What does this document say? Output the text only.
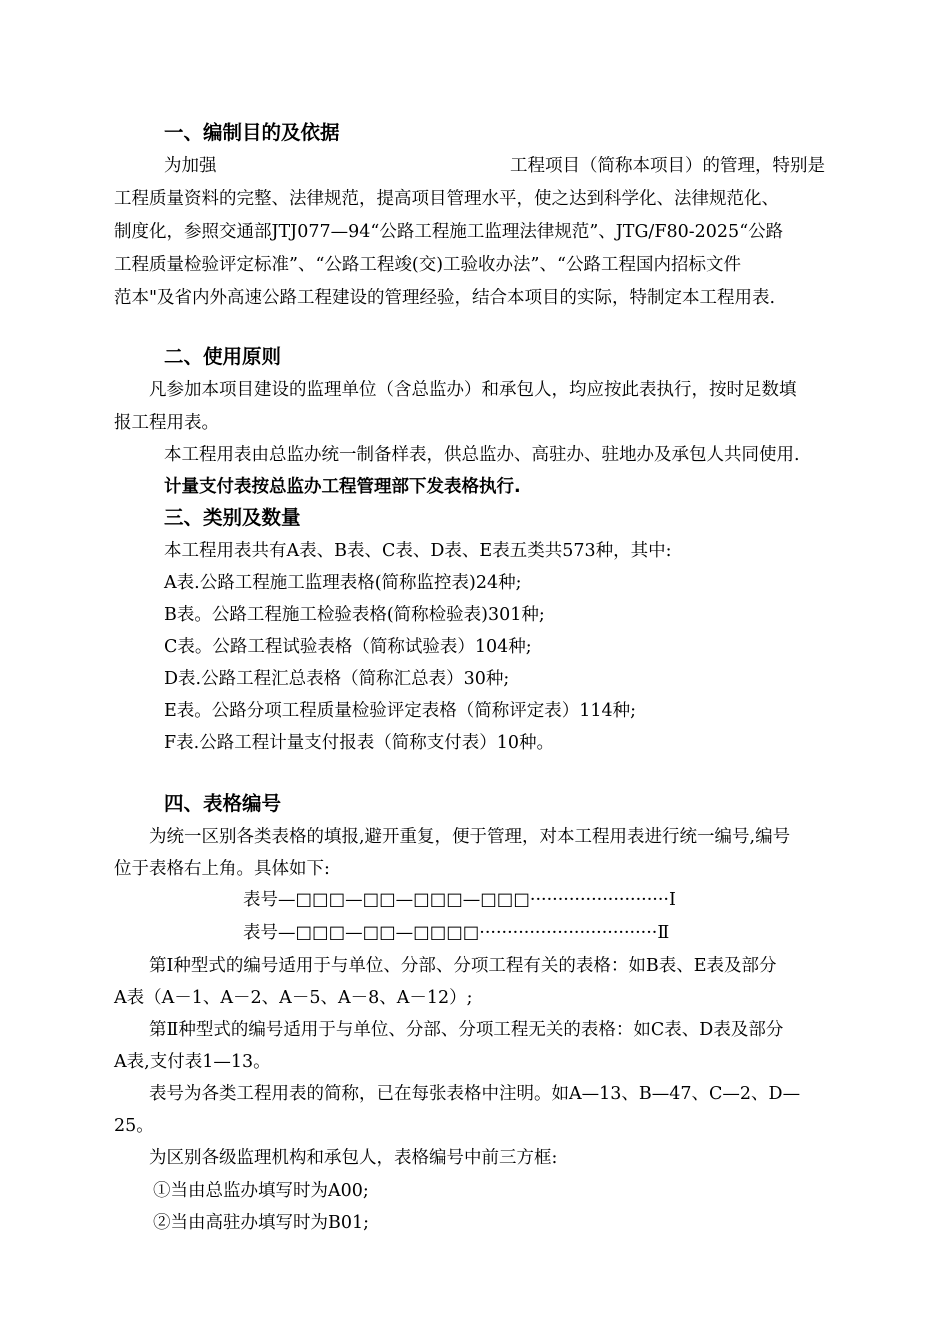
一、编制目的及依据
为加强	工程项目（简称本项目）的管理，特别是
工程质量资料的完整、法律规范，提高项目管理水平，使之达到科学化、法律规范化、
制度化，参照交通部JTJ077—94“公路工程施工监理法律规范”、JTG/F80-2025“公路
工程质量检验评定标准”、“公路工程竣(交)工验收办法”、“公路工程国内招标文件
范本"及省内外高速公路工程建设的管理经验，结合本项目的实际，特制定本工程用表.
二、使用原则
凡参加本项目建设的监理单位（含总监办）和承包人，均应按此表执行，按时足数填
报工程用表。
本工程用表由总监办统一制备样表，供总监办、高驻办、驻地办及承包人共同使用.
计量支付表按总监办工程管理部下发表格执行.
三、类别及数量
本工程用表共有A表、B表、C表、D表、E表五类共573种，其中:
A表.公路工程施工监理表格(简称监控表)24种;
B表。公路工程施工检验表格(简称检验表)301种;
C表。公路工程试验表格（简称试验表）104种;
D表.公路工程汇总表格（简称汇总表）30种;
E表。公路分项工程质量检验评定表格（简称评定表）114种;
F表.公路工程计量支付报表（简称支付表）10种。
四、表格编号
为统一区别各类表格的填报,避开重复，便于管理，对本工程用表进行统一编号,编号
位于表格右上角。具体如下:
表号—□□□—□□—□□□—□□□·························I
表号—□□□—□□—□□□□································Ⅱ
第Ⅰ种型式的编号适用于与单位、分部、分项工程有关的表格：如B表、E表及部分
A表（A－1、A－2、A－5、A－8、A－12）;
第Ⅱ种型式的编号适用于与单位、分部、分项工程无关的表格：如C表、D表及部分
A表,支付表1—13。
表号为各类工程用表的简称，已在每张表格中注明。如A—13、B—47、C—2、D—
25。
为区别各级监理机构和承包人，表格编号中前三方框:
①当由总监办填写时为A00;
②当由高驻办填写时为B01;
